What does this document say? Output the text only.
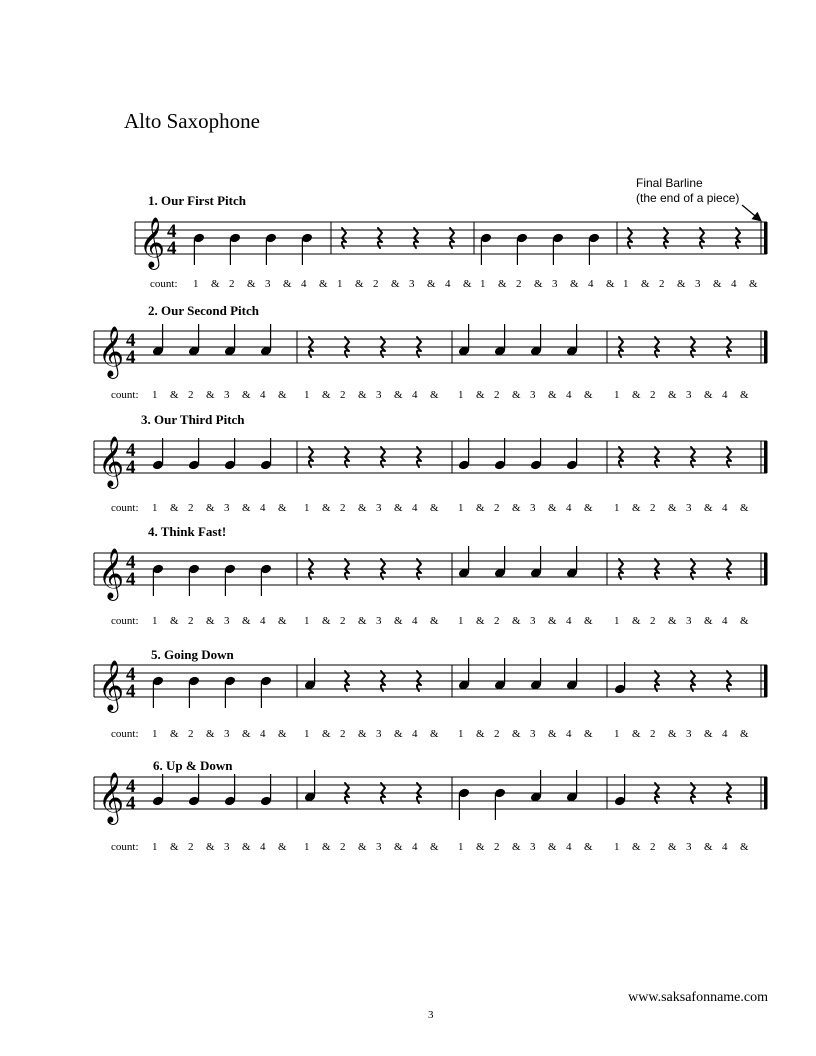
Alto Saxophone
Final Barline
(the end of a piece)
1. Our First Pitch
2. Our Second Pitch
3. Our Third Pitch
4. Think Fast!
5. Going Down
6. Up & Down
𝄞 4
4
𝄞 4
4
𝄞 4
4
𝄞 4
4
𝄞 4
4
𝄞 4
4
count: 1 & 2 & 3 & 4 & 1 & 2 & 3 & 4 & 1 & 2 & 3 & 4 & 1 & 2 & 3 & 4 &
count: 1 & 2 & 3 & 4 & 1 & 2 & 3 & 4 & 1 & 2 & 3 & 4 & 1 & 2 & 3 & 4 &
count: 1 & 2 & 3 & 4 & 1 & 2 & 3 & 4 & 1 & 2 & 3 & 4 & 1 & 2 & 3 & 4 &
count: 1 & 2 & 3 & 4 & 1 & 2 & 3 & 4 & 1 & 2 & 3 & 4 & 1 & 2 & 3 & 4 &
count: 1 & 2 & 3 & 4 & 1 & 2 & 3 & 4 & 1 & 2 & 3 & 4 & 1 & 2 & 3 & 4 &
count: 1 & 2 & 3 & 4 & 1 & 2 & 3 & 4 & 1 & 2 & 3 & 4 & 1 & 2 & 3 & 4 &
www.saksafonname.com
3
